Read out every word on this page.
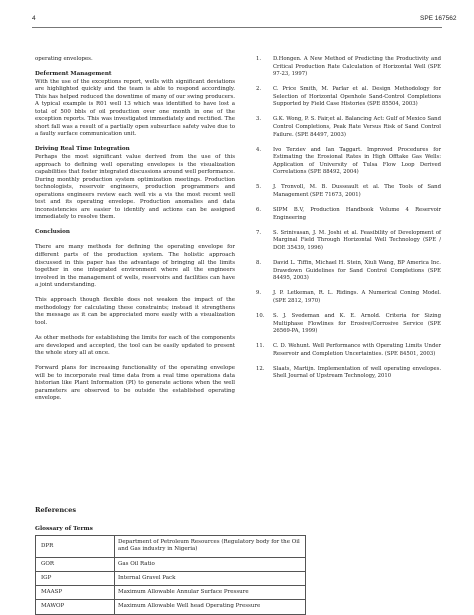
4	SPE 167562

operating envelopes.

Deferment Management

With the use of the exceptions report, wells with significant deviations are highlighted quickly and the team is able to respond accordingly. This has helped reduced the downtime of many of our swing producers. A typical example is R01 well 13 which was identified to have lost a total of 500 bbls of oil production over one month in one of the exception reports. This was investigated immediately and rectified. The short fall was a result of a partially open subsurface safety valve due to a faulty surface communication unit.

Driving Real Time Integration

Perhaps the most significant value derived from the use of this approach to defining well operating envelopes is the visualization capabilities that foster integrated discussions around well performance. During monthly production system optimization meetings. Production technologists, reservoir engineers, production programmers and operations engineers review each well vis a vis the most recent well test and its operating envelope. Production anomalies and data inconsistencies are easier to identify and actions can be assigned immediately to resolve them.

Conclusion

There are many methods for defining the operating envelope for different parts of the production system. The holistic approach discussed in this paper has the advantage of bringing all the limits together in one integrated environment where all the engineers involved in the management of wells, reservoirs and facilities can have a joint understanding.

This approach though flexible does not weaken the impact of the methodology for calculating these constraints; instead it strengthens the message as it can be appreciated more easily with a visualization tool.

As other methods for establishing the limits for each of the components are developed and accepted, the tool can be easily updated to present the whole story all at once.

Forward plans for increasing functionality of the operating envelope will be to incorporate real time data from a real time operations data historian like Plant Information (PI) to generate actions when the well parameters are observed to be outside the established operating envelope.

References
Glossary of Terms
DPR	Department of Petroleum Resources (Regulatory body for the Oil and Gas industry in Nigeria)
GOR	Gas Oil Ratio
IGP	Internal Gravel Pack
MAASP	Maximum Allowable Annular Surface Pressure
MAWOP	Maximum Allowable Well head Operating Pressure
1. D.Hongen. A New Method of Predicting the Productivity and Critical Production Rate Calculation of Horizontal Well (SPE 97-23, 1997)
2. C. Price Smith, M. Parlar et al. Design Methodology for Selection of Horizontal Openhole Sand-Control Completions Supported by Field Case Histories (SPE 85504, 2003)
3. G.K. Wong, P. S. Fair,et al. Balancing Act: Gulf of Mexico Sand Control Completions, Peak Rate Versus Risk of Sand Control Failure. (SPE 84497, 2003)
4. Ivo Terziev and Ian Taggart. Improved Procedures for Estimating the Erosional Rates in High Offtake Gas Wells: Application of University of Tulsa Flow Loop Derived Correlations (SPE 88492, 2004)
5. J. Tronvoll, M. B. Dusseault et al. The Tools of Sand Management (SPE 71673, 2001)
6. SIPM B.V, Production Handbook Volume 4 Reservoir Engineering
7. S. Srinivasan, J. M. Joshi et al. Feasibility of Development of Marginal Field Through Horizontal Well Technology (SPE / DOE 35439, 1996)
8. David L. Tiffin, Michael H. Stein, Xiuli Wang, BP America Inc. Drawdown Guidelines for Sand Control Completions (SPE 84495, 2003)
9. J. P. Letkeman, R. L. Ridings. A Numerical Coning Model. (SPE 2812, 1970)
10. S. J. Svedeman and K. E. Arnold. Criteria for Sizing Multiphase Flowlines for Erosive/Corrosive Service (SPE 26569-PA, 1999)
11. C. D. Wehunt. Well Performance with Operating Limits Under Reservoir and Completion Uncertainties. (SPE 84501, 2003)
12. Slaats, Martijn. Implementation of well operating envelopes. Shell Journal of Upstream Technology, 2010
